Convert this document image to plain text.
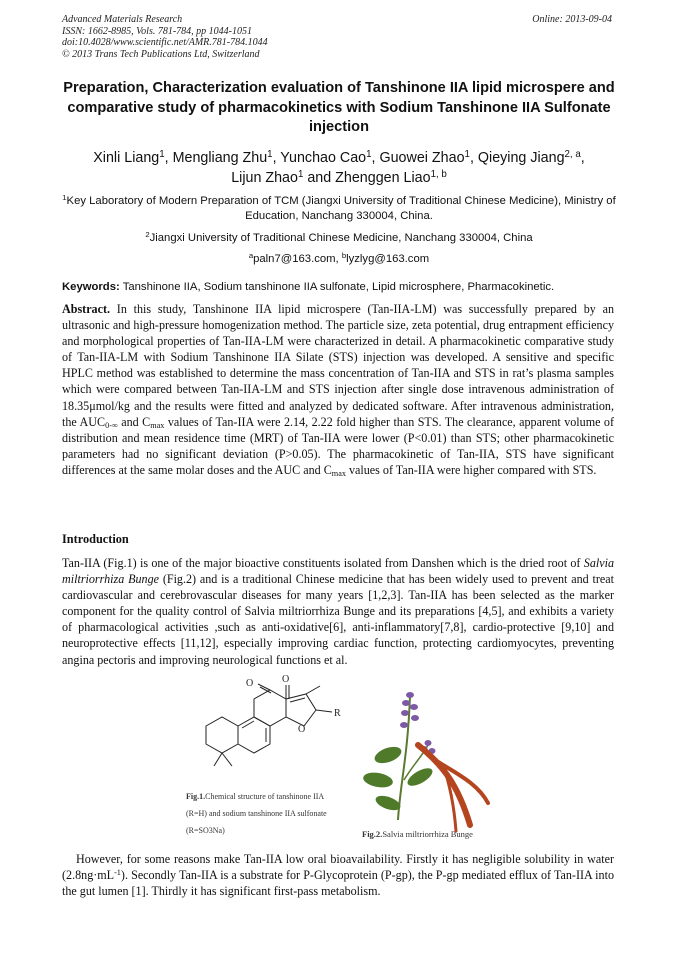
Advanced Materials Research
ISSN: 1662-8985, Vols. 781-784, pp 1044-1051
doi:10.4028/www.scientific.net/AMR.781-784.1044
© 2013 Trans Tech Publications Ltd, Switzerland
Online: 2013-09-04
Preparation, Characterization evaluation of Tanshinone IIA lipid microspere and comparative study of pharmacokinetics with Sodium Tanshinone IIA Sulfonate injection
Xinli Liang$^1$, Mengliang Zhu$^1$, Yunchao Cao$^1$, Guowei Zhao$^1$, Qieying Jiang$^{2, a}$,
Lijun Zhao$^1$ and Zhenggen Liao$^{1, b}$
$^1$Key Laboratory of Modern Preparation of TCM (Jiangxi University of Traditional Chinese Medicine), Ministry of Education, Nanchang 330004, China.
$^2$Jiangxi University of Traditional Chinese Medicine, Nanchang 330004, China
$^a$paln7@163.com, $^b$lyzlyg@163.com
Keywords: Tanshinone IIA, Sodium tanshinone IIA sulfonate, Lipid microsphere, Pharmacokinetic.
Abstract. In this study, Tanshinone IIA lipid microspere (Tan-IIA-LM) was successfully prepared by an ultrasonic and high-pressure homogenization method. The particle size, zeta potential, drug entrapment efficiency and morphological properties of Tan-IIA-LM were characterized in detail. A pharmacokinetic comparative study of Tan-IIA-LM with Sodium Tanshinone IIA Silate (STS) injection was developed. A sensitive and specific HPLC method was established to determine the mass concentration of Tan-IIA and STS in rat’s plasma samples which were compared between Tan-IIA-LM and STS injection after single dose intravenous administration of 18.35μmol/kg and the results were fitted and analyzed by dedicated software. After intravenous administration, the $AUC_{0-\infty}$ and $C_{max}$ values of Tan-IIA were 2.14, 2.22 fold higher than STS. The clearance, apparent volume of distribution and mean residence time (MRT) of Tan-IIA were lower (P<0.01) than STS; other pharmacokinetic parameters had no significant deviation (P>0.05). The pharmacokinetic of Tan-IIA, STS have significant differences at the same molar doses and the AUC and $C_{max}$ values of Tan-IIA were higher compared with STS.
Introduction
Tan-IIA (Fig.1) is one of the major bioactive constituents isolated from Danshen which is the dried root of Salvia miltriorrhiza Bunge (Fig.2) and is a traditional Chinese medicine that has been widely used to prevent and treat cardiovascular and cerebrovascular diseases for many years [1,2,3]. Tan-IIA has been selected as the marker component for the quality control of Salvia miltriorrhiza Bunge and its preparations [4,5], and exhibits a variety of pharmacological activities ,such as anti-oxidative[6], anti-inflammatory[7,8], cardio-protective [9,10] and neuroprotective effects [11,12], especially improving cardiac function, protecting cardiomyocytes, preventing angina pectoris and improving neurological functions et al.
O	O
O
R
Fig.1.Chemical structure of tanshinone IIA
(R=H) and sodium tanshinone IIA sulfonate
(R=SO3Na)	Fig.2.Salvia miltriorrhiza Bunge
However, for some reasons make Tan-IIA low oral bioavailability. Firstly it has negligible solubility in water $(2.8ng\cdot mL^{-1})$. Secondly Tan-IIA is a substrate for P-Glycoprotein (P-gp), the P-gp mediated efflux of Tan-IIA into the gut lumen [1]. Thirdly it has significant first-pass metabolism.
